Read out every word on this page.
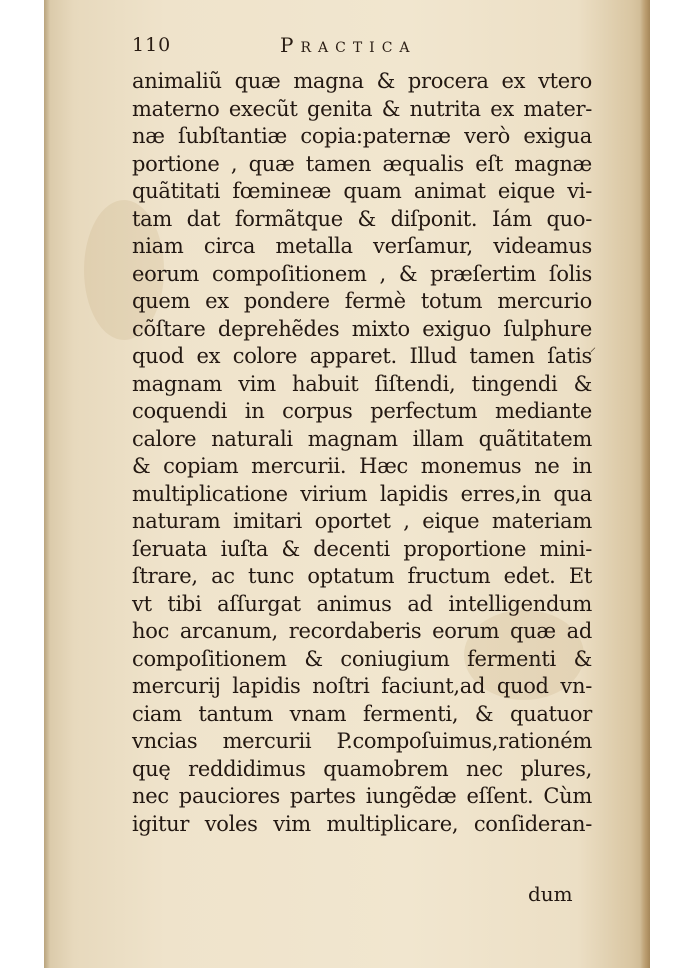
110	Practica
animaliũ quæ magna & procera ex vtero
materno execũt genita & nutrita ex mater-
næ ſubſtantiæ copia:paternæ verò exigua
portione , quæ tamen æqualis eſt magnæ
quãtitati fœmineæ quam animat eique vi-
tam dat formãtque & diſponit. Iám quo-
niam circa metalla verſamur, videamus
eorum compoſitionem , & præſertim ſolis
quem ex pondere fermè totum mercurio
cõſtare deprehẽdes mixto exiguo ſulphure
quod ex colore apparet. Illud tamen ſatis
magnam vim habuit ſiſtendi, tingendi &
coquendi in corpus perfectum mediante
calore naturali magnam illam quãtitatem
& copiam mercurii. Hæc monemus ne in
multiplicatione virium lapidis erres,in qua
naturam imitari oportet , eique materiam
ſeruata iuſta & decenti proportione mini-
ſtrare, ac tunc optatum fructum edet. Et
vt tibi aſſurgat animus ad intelligendum
hoc arcanum, recordaberis eorum quæ ad
compoſitionem & coniugium fermenti &
mercurij lapidis noſtri faciunt,ad quod vn-
ciam tantum vnam fermenti, & quatuor
vncias mercurii P.compoſuimus,rationém
quę reddidimus quamobrem nec plures,
nec pauciores partes iungẽdæ eſſent. Cùm
igitur voles vim multiplicare, conſideran-
dum
